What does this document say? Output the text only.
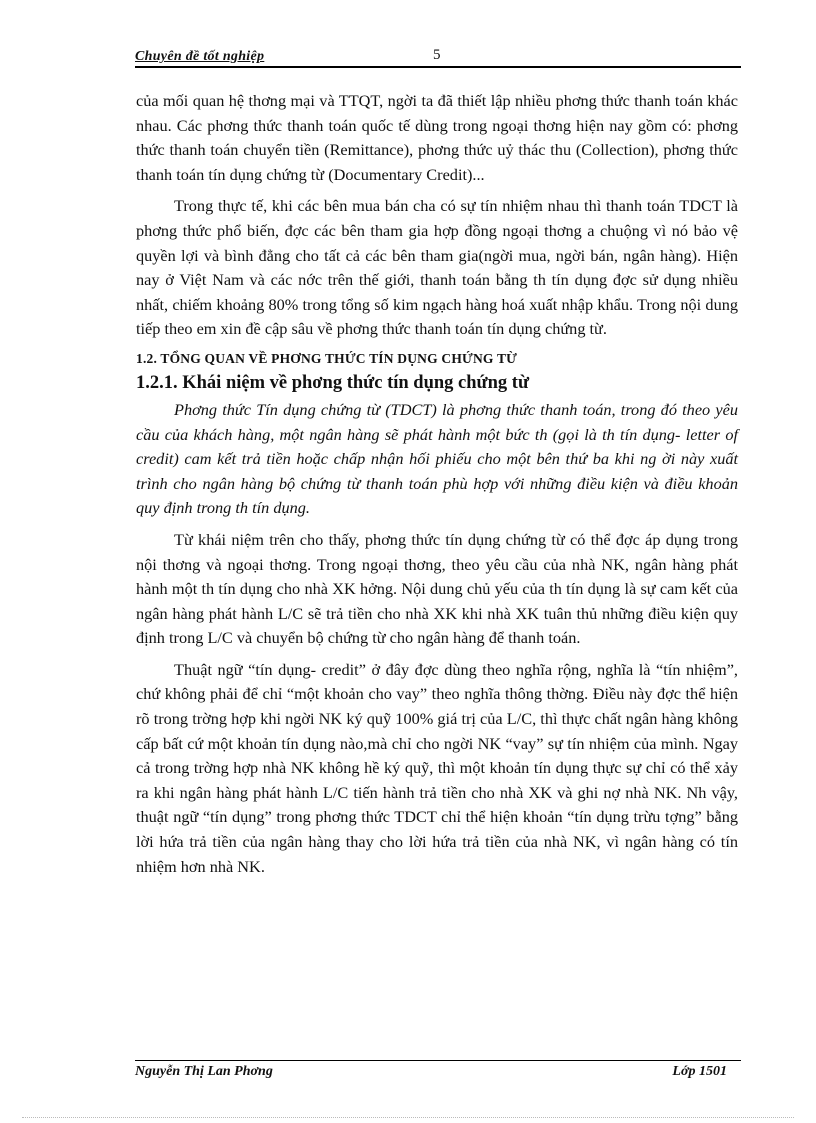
Chuyên đề tốt nghiệp	5

của mối quan hệ thơng mại và TTQT, ngời ta đã thiết lập nhiều phơng thức thanh toán khác nhau. Các phơng thức thanh toán quốc tế dùng trong ngoại thơng hiện nay gồm có: phơng thức thanh toán chuyển tiền (Remittance), phơng thức uỷ thác thu (Collection), phơng thức thanh toán tín dụng chứng từ (Documentary Credit)...

Trong thực tế, khi các bên mua bán cha có sự tín nhiệm nhau thì thanh toán TDCT là phơng thức phổ biến, đợc các bên tham gia hợp đồng ngoại thơng a chuộng vì nó bảo vệ quyền lợi và bình đẳng cho tất cả các bên tham gia(ngời mua, ngời bán, ngân hàng). Hiện nay ở Việt Nam và các nớc trên thế giới, thanh toán bằng th tín dụng đợc sử dụng nhiều nhất, chiếm khoảng 80% trong tổng số kim ngạch hàng hoá xuất nhập khẩu. Trong nội dung tiếp theo em xin đề cập sâu về phơng thức thanh toán tín dụng chứng từ.

1.2. TỔNG QUAN VỀ PHƠNG THỨC TÍN DỤNG CHỨNG TỪ
1.2.1. Khái niệm về phơng thức tín dụng chứng từ

Phơng thức Tín dụng chứng từ (TDCT) là phơng thức thanh toán, trong đó theo yêu cầu của khách hàng, một ngân hàng sẽ phát hành một bức th (gọi là th tín dụng- letter of credit) cam kết trả tiền hoặc chấp nhận hối phiếu cho một bên thứ ba khi ng ời này xuất trình cho ngân hàng bộ chứng từ thanh toán phù hợp với những điều kiện và điều khoản quy định trong th tín dụng.

Từ khái niệm trên cho thấy, phơng thức tín dụng chứng từ có thể đợc áp dụng trong nội thơng và ngoại thơng. Trong ngoại thơng, theo yêu cầu của nhà NK, ngân hàng phát hành một th tín dụng cho nhà XK hởng. Nội dung chủ yếu của th tín dụng là sự cam kết của ngân hàng phát hành L/C sẽ trả tiền cho nhà XK khi nhà XK tuân thủ những điều kiện quy định trong L/C và chuyển bộ chứng từ cho ngân hàng để thanh toán.

Thuật ngữ “tín dụng- credit” ở đây đợc dùng theo nghĩa rộng, nghĩa là “tín nhiệm”, chứ không phải để chỉ “một khoản cho vay” theo nghĩa thông thờng. Điều này đợc thể hiện rõ trong trờng hợp khi ngời NK ký quỹ 100% giá trị của L/C, thì thực chất ngân hàng không cấp bất cứ một khoản tín dụng nào,mà chỉ cho ngời NK “vay” sự tín nhiệm của mình. Ngay cả trong trờng hợp nhà NK không hề ký quỹ, thì một khoản tín dụng thực sự chỉ có thể xảy ra khi ngân hàng phát hành L/C tiến hành trả tiền cho nhà XK và ghi nợ nhà NK. Nh vậy, thuật ngữ “tín dụng” trong phơng thức TDCT chỉ thể hiện khoản “tín dụng trừu tợng” bằng lời hứa trả tiền của ngân hàng thay cho lời hứa trả tiền của nhà NK, vì ngân hàng có tín nhiệm hơn nhà NK.

Nguyễn Thị Lan Phơng	Lớp 1501
